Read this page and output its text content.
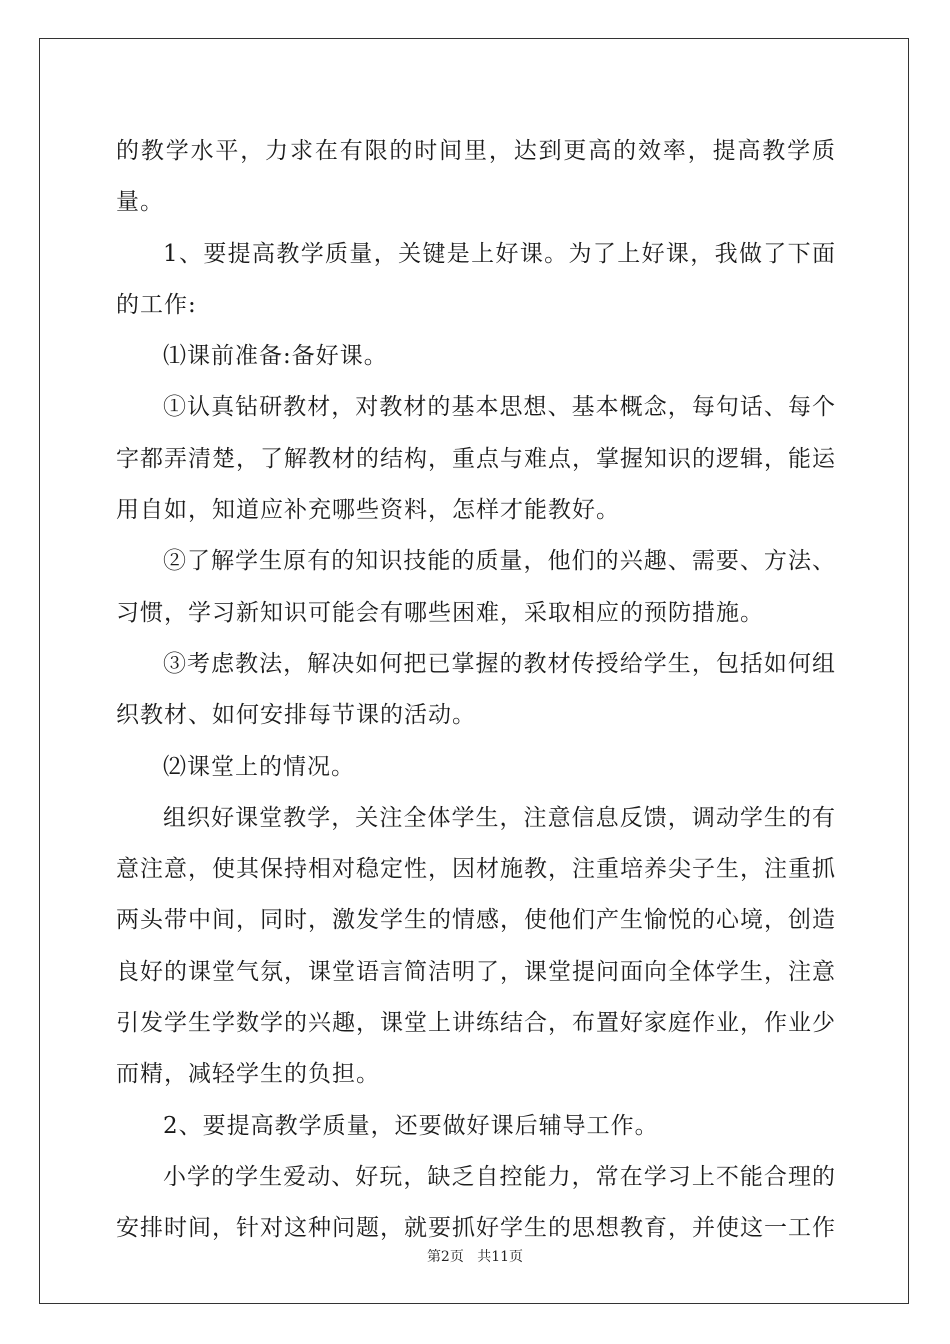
的教学水平，力求在有限的时间里，达到更高的效率，提高教学质量。

1、要提高教学质量，关键是上好课。为了上好课，我做了下面的工作:

⑴课前准备:备好课。

①认真钻研教材，对教材的基本思想、基本概念，每句话、每个字都弄清楚，了解教材的结构，重点与难点，掌握知识的逻辑，能运用自如，知道应补充哪些资料，怎样才能教好。

②了解学生原有的知识技能的质量，他们的兴趣、需要、方法、习惯，学习新知识可能会有哪些困难，采取相应的预防措施。

③考虑教法，解决如何把已掌握的教材传授给学生，包括如何组织教材、如何安排每节课的活动。

⑵课堂上的情况。

组织好课堂教学，关注全体学生，注意信息反馈，调动学生的有意注意，使其保持相对稳定性，因材施教，注重培养尖子生，注重抓两头带中间，同时，激发学生的情感，使他们产生愉悦的心境，创造良好的课堂气氛，课堂语言简洁明了，课堂提问面向全体学生，注意引发学生学数学的兴趣，课堂上讲练结合，布置好家庭作业，作业少而精，减轻学生的负担。

2、要提高教学质量，还要做好课后辅导工作。

小学的学生爱动、好玩，缺乏自控能力，常在学习上不能合理的安排时间，针对这种问题，就要抓好学生的思想教育，并使这一工作

第2页 共11页
